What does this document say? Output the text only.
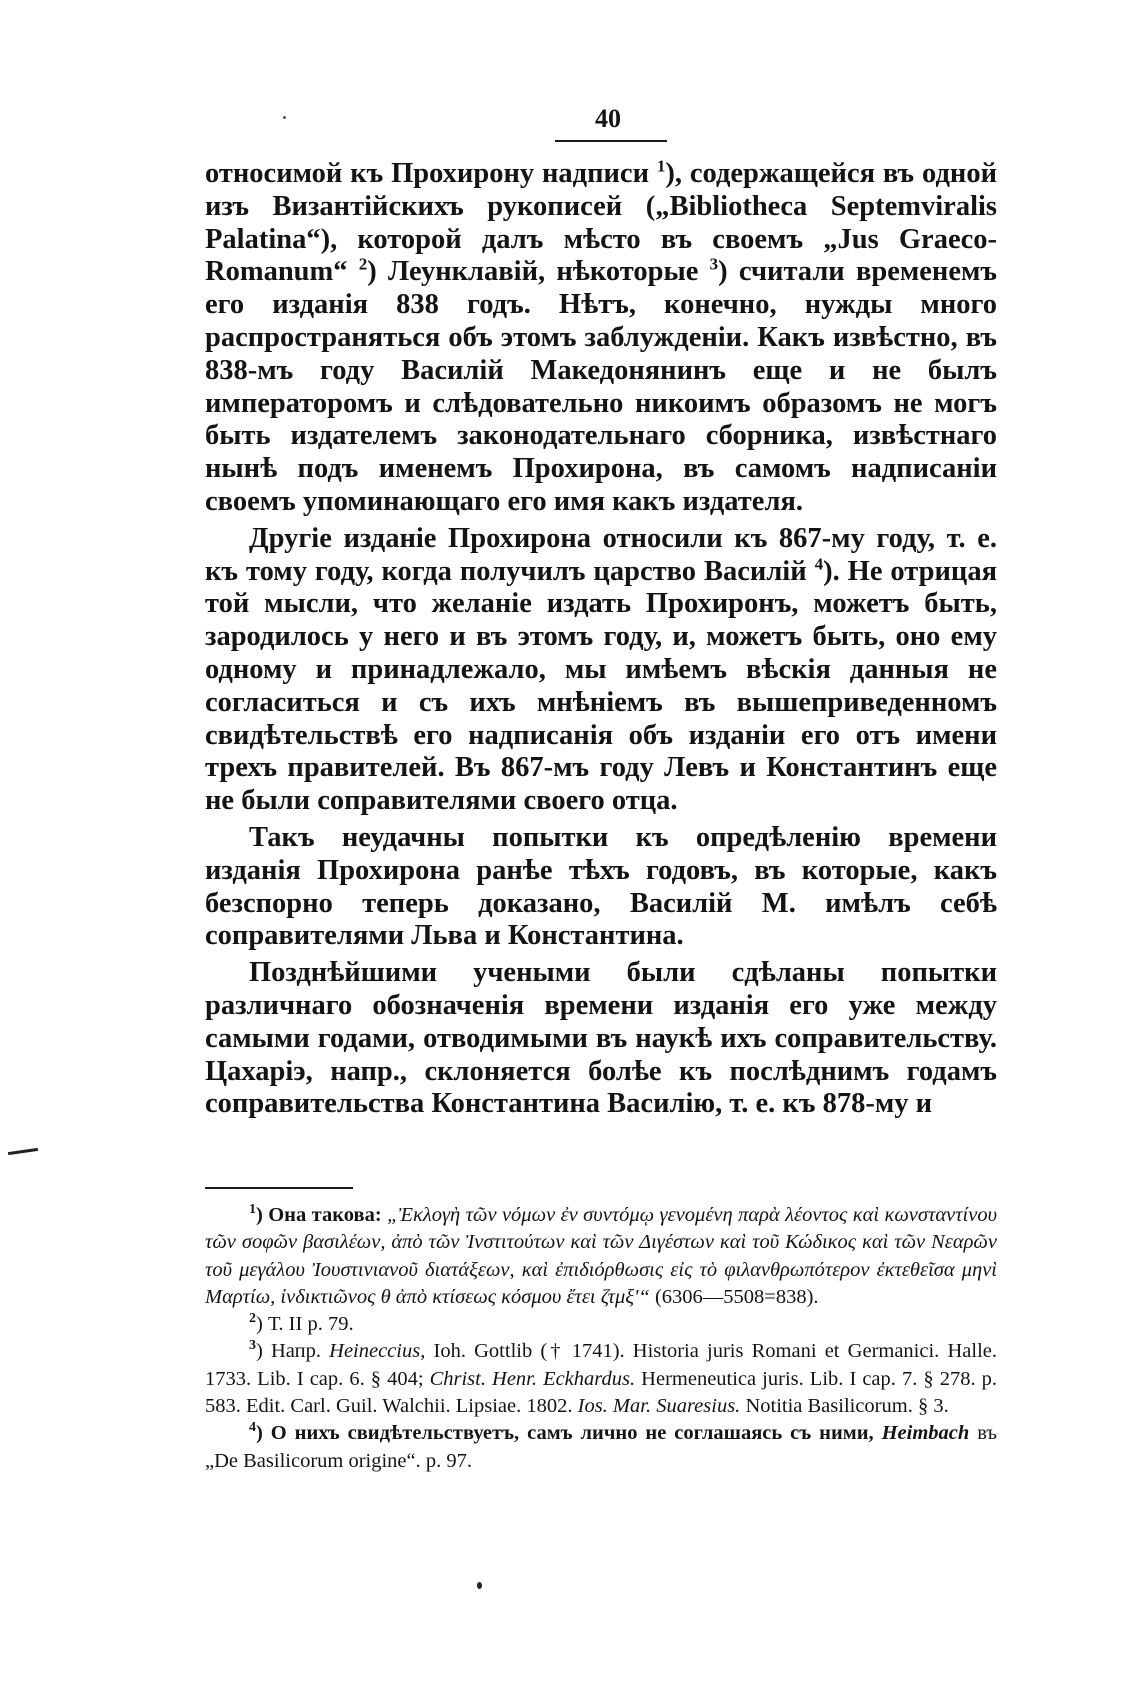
40

относимой къ Прохирону надписи $^1$), содержащейся въ одной изъ Византійскихъ рукописей („Bibliotheca Septemviralis Palatina“), которой далъ мѣсто въ своемъ „Jus Graeco-Romanum“ $^2$) Леунклавій, нѣкоторые $^3$) считали временемъ его изданія 838 годъ. Нѣтъ, конечно, нужды много распространяться объ этомъ заблужденіи. Какъ извѣстно, въ 838-мъ году Василій Македонянинъ еще и не былъ императоромъ и слѣдовательно никоимъ образомъ не могъ быть издателемъ законодательнаго сборника, извѣстнаго нынѣ подъ именемъ Прохирона, въ самомъ надписаніи своемъ упоминающаго его имя какъ издателя.

Другіе изданіе Прохирона относили къ 867-му году, т. е. къ тому году, когда получилъ царство Василій $^4$). Не отрицая той мысли, что желаніе издать Прохиронъ, можетъ быть, зародилось у него и въ этомъ году, и, можетъ быть, оно ему одному и принадлежало, мы имѣемъ вѣскія данныя не согласиться и съ ихъ мнѣніемъ въ вышеприведенномъ свидѣтельствѣ его надписанія объ изданіи его отъ имени трехъ правителей. Въ 867-мъ году Левъ и Константинъ еще не были соправителями своего отца.

Такъ неудачны попытки къ опредѣленію времени изданія Прохирона ранѣе тѣхъ годовъ, въ которые, какъ безспорно теперь доказано, Василій М. имѣлъ себѣ соправителями Льва и Константина.

Позднѣйшими учеными были сдѣланы попытки различнаго обозначенія времени изданія его уже между самыми годами, отводимыми въ наукѣ ихъ соправительству. Цахаріэ, напр., склоняется болѣе къ послѣднимъ годамъ соправительства Константина Василію, т. е. къ 878-му и

$^1$) Она такова: „Ἐκλογὴ τῶν νόμων ἐν συντόμῳ γενομένη παρὰ λέοντος καὶ κωνσταντίνου τῶν σοφῶν βασιλέων, ἀπὸ τῶν Ἰνστιτούτων καὶ τῶν Διγέστων καὶ τοῦ Κώδικος καὶ τῶν Νεαρῶν τοῦ μεγάλου Ἰουστινιανοῦ διατάξεων, καὶ ἐπιδιόρθωσις εἰς τὸ φιλανθρωπότερον ἐκτεθεῖσα μηνὶ Μαρτίω, ἰνδικτιῶνος θ ἀπὸ κτίσεως κόσμου ἔτει ζτμξ'“ (6306—5508=838).

$^2$) Т. II p. 79.

$^3$) Напр. Heineccius, Ioh. Gottlib († 1741). Historia juris Romani et Germanici. Halle. 1733. Lib. I cap. 6. § 404; Christ. Henr. Eckhardus. Hermeneutica juris. Lib. I cap. 7. § 278. p. 583. Edit. Carl. Guil. Walchii. Lipsiae. 1802. Ios. Mar. Suaresius. Notitia Basilicorum. § 3.

$^4$) О нихъ свидѣтельствуетъ, самъ лично не соглашаясь съ ними, Heimbach въ „De Basilicorum origine“. p. 97.
